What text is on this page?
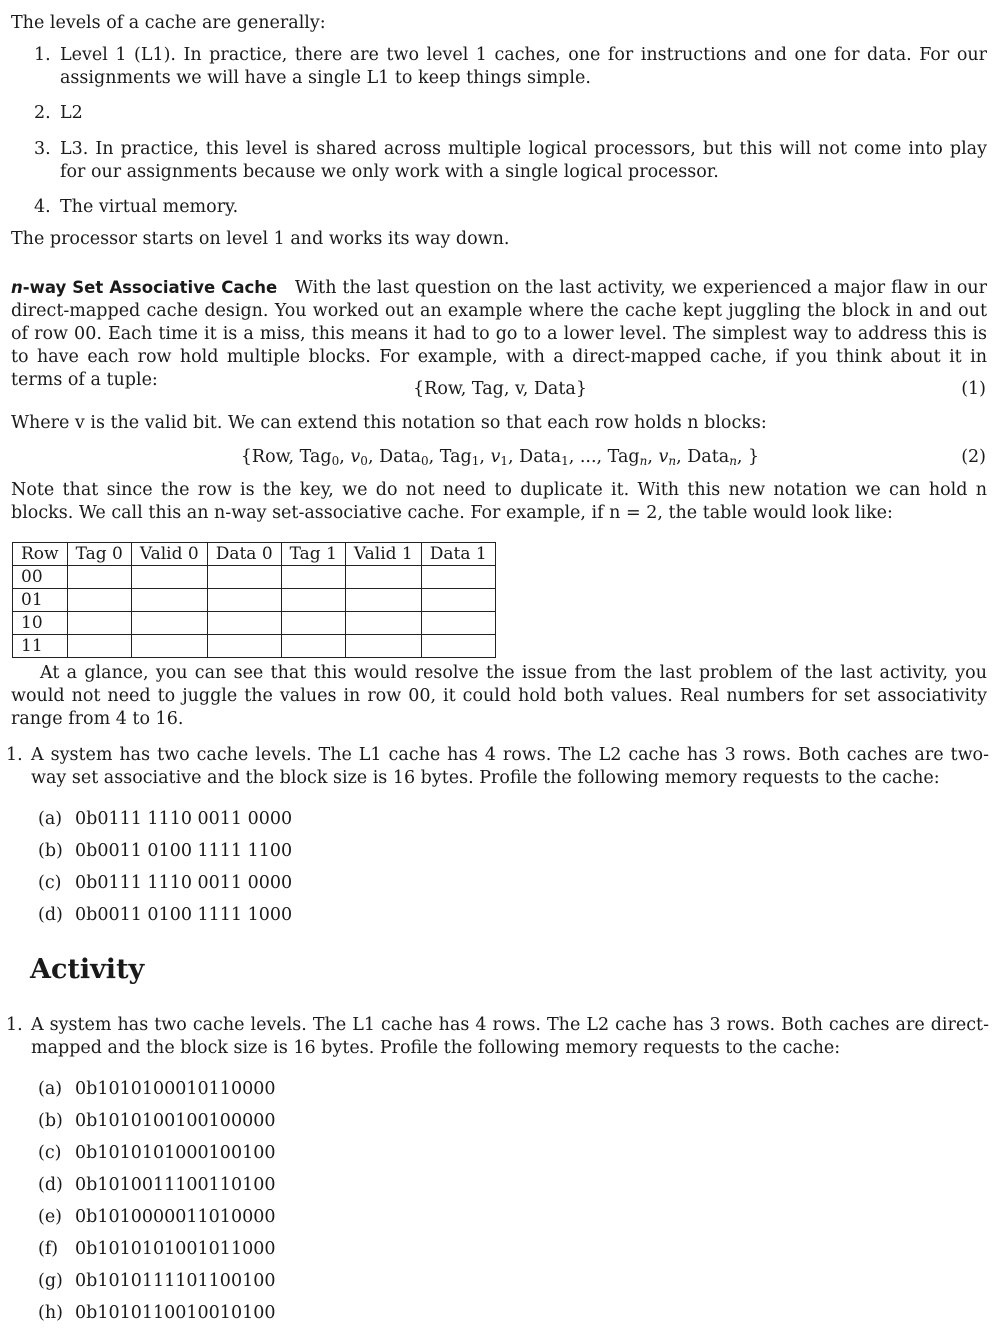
The levels of a cache are generally:
1. Level 1 (L1). In practice, there are two level 1 caches, one for instructions and one for data. For our assignments we will have a single L1 to keep things simple.
2. L2
3. L3. In practice, this level is shared across multiple logical processors, but this will not come into play for our assignments because we only work with a single logical processor.
4. The virtual memory.
The processor starts on level 1 and works its way down.
n-way Set Associative Cache With the last question on the last activity, we experienced a major flaw in our direct-mapped cache design. You worked out an example where the cache kept juggling the block in and out of row 00. Each time it is a miss, this means it had to go to a lower level. The simplest way to address this is to have each row hold multiple blocks. For example, with a direct-mapped cache, if you think about it in terms of a tuple:	{Row, Tag, v, Data}	(1)
Where v is the valid bit. We can extend this notation so that each row holds n blocks:
{Row, Tag$_0$, $v_0$, Data$_0$, Tag$_1$, $v_1$, Data$_1$, ..., Tag$_n$, $v_n$, Data$_n$, }	(2)
Note that since the row is the key, we do not need to duplicate it. With this new notation we can hold n blocks. We call this an n-way set-associative cache. For example, if n = 2, the table would look like:
Row	Tag 0	Valid 0	Data 0	Tag 1	Valid 1	Data 1
00						
01						
10						
11						
At a glance, you can see that this would resolve the issue from the last problem of the last activity, you would not need to juggle the values in row 00, it could hold both values. Real numbers for set associativity range from 4 to 16.
1. A system has two cache levels. The L1 cache has 4 rows. The L2 cache has 3 rows. Both caches are two-way set associative and the block size is 16 bytes. Profile the following memory requests to the cache:
(a) 0b0111 1110 0011 0000
(b) 0b0011 0100 1111 1100
(c) 0b0111 1110 0011 0000
(d) 0b0011 0100 1111 1000
Activity
1. A system has two cache levels. The L1 cache has 4 rows. The L2 cache has 3 rows. Both caches are direct-mapped and the block size is 16 bytes. Profile the following memory requests to the cache:
(a) 0b1010100010110000
(b) 0b1010100100100000
(c) 0b1010101000100100
(d) 0b1010011100110100
(e) 0b1010000011010000
(f) 0b1010101001011000
(g) 0b1010111101100100
(h) 0b1010110010010100
